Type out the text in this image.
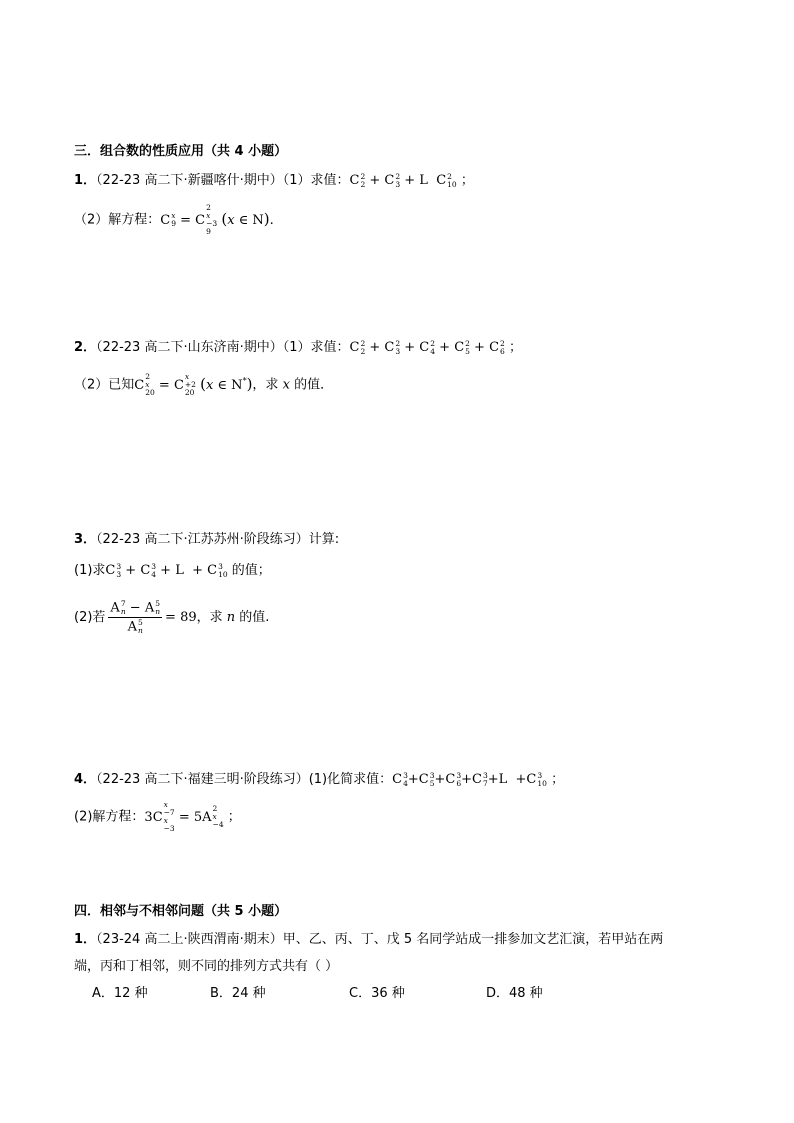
三．组合数的性质应用（共 4 小题）
1．（22-23 高二下·新疆喀什·期中）（1）求值：C 2
2 + C 2
3 + L  C 2
10 ；
（2）解方程：C x
9 = C
2
x
−3
9
(x ∈ N).
2．（22-23 高二下·山东济南·期中）（1）求值：C 2
2 + C 2
3 + C 2
4 + C 2
5 + C 2
6 ；
（2）已知C
2
x
20 = C
x
+2
20 (x ∈ N*)，求 x 的值．
3．（22-23 高二下·江苏苏州·阶段练习）计算:
(1)求C 3
3 + C 3
4 + L  + C 3
10 的值；
(2)若 A 7
n − A 5
n
A 5
n = 89，求 n 的值.
4．（22-23 高二下·福建三明·阶段练习）(1)化简求值：C 3
4 +C 3
5 +C 3
6 +C 3
7 +L  +C 3
10 ；
(2)解方程：3C
x
−7
x
−3
= 5A
2
x
−4 ；
四．相邻与不相邻问题（共 5 小题）
1．（23-24 高二上·陕西渭南·期末）甲、乙、丙、丁、戊 5 名同学站成一排参加文艺汇演，若甲站在两
端，丙和丁相邻，则不同的排列方式共有（ ）
A．12 种	B．24 种	C．36 种	D．48 种
